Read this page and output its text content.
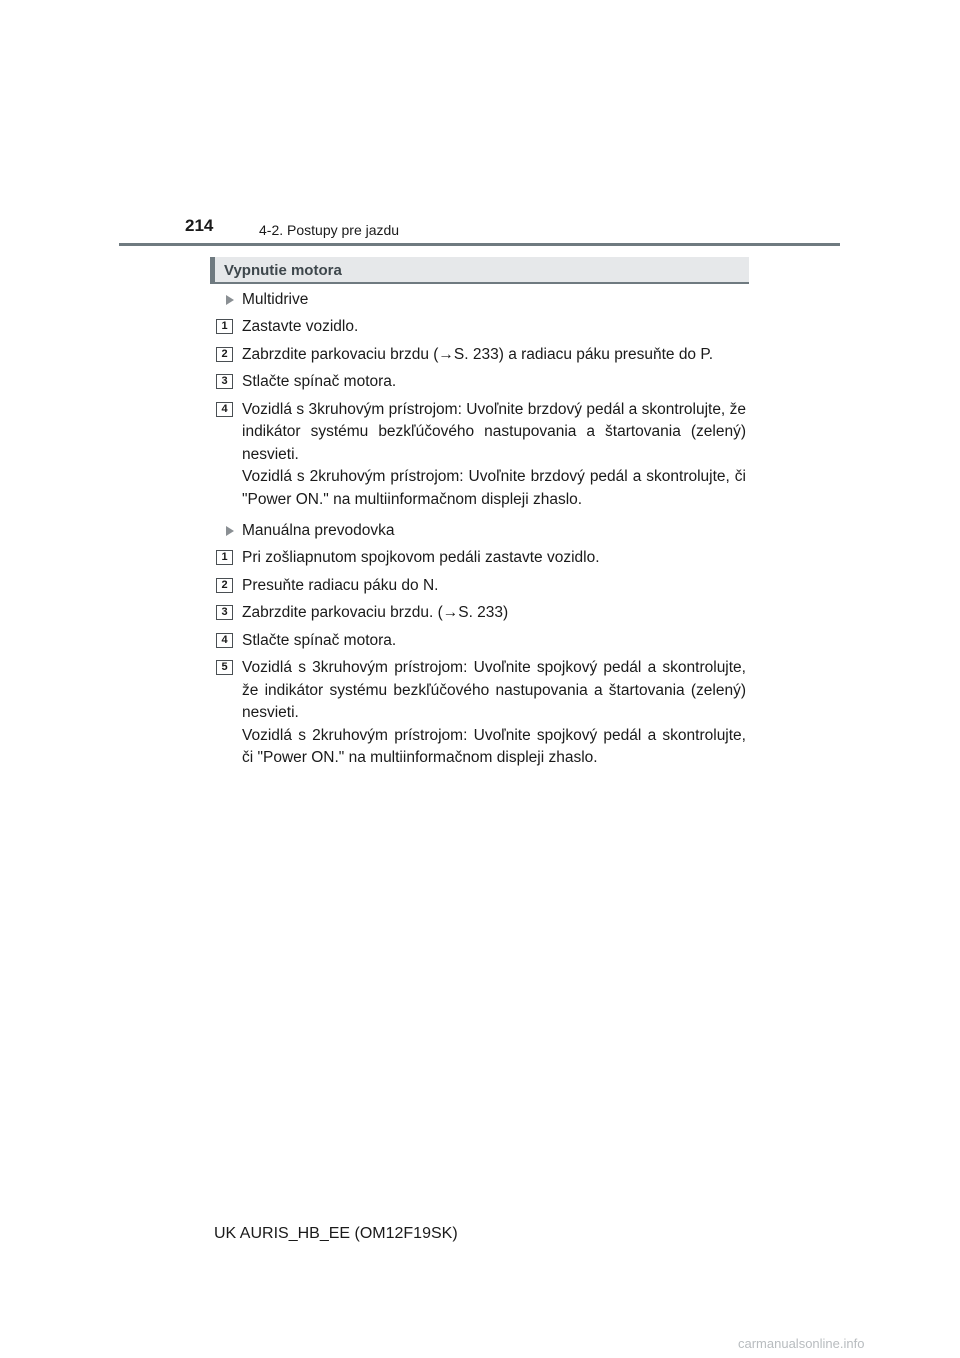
214	4-2. Postupy pre jazdu
Vypnutie motora
Multidrive
1 Zastavte vozidlo.
2 Zabrzdite parkovaciu brzdu (→S. 233) a radiacu páku presuňte do P.
3 Stlačte spínač motora.
4 Vozidlá s 3kruhovým prístrojom: Uvoľnite brzdový pedál a skontrolujte, že indikátor systému bezkľúčového nastupovania a štartovania (zelený) nesvieti.
Vozidlá s 2kruhovým prístrojom: Uvoľnite brzdový pedál a skontrolujte, či "Power ON." na multiinformačnom displeji zhaslo.
Manuálna prevodovka
1 Pri zošliapnutom spojkovom pedáli zastavte vozidlo.
2 Presuňte radiacu páku do N.
3 Zabrzdite parkovaciu brzdu. (→S. 233)
4 Stlačte spínač motora.
5 Vozidlá s 3kruhovým prístrojom: Uvoľnite spojkový pedál a skontrolujte, že indikátor systému bezkľúčového nastupovania a štartovania (zelený) nesvieti.
Vozidlá s 2kruhovým prístrojom: Uvoľnite spojkový pedál a skontrolujte, či "Power ON." na multiinformačnom displeji zhaslo.
UK AURIS_HB_EE (OM12F19SK)
carmanualsonline.info
